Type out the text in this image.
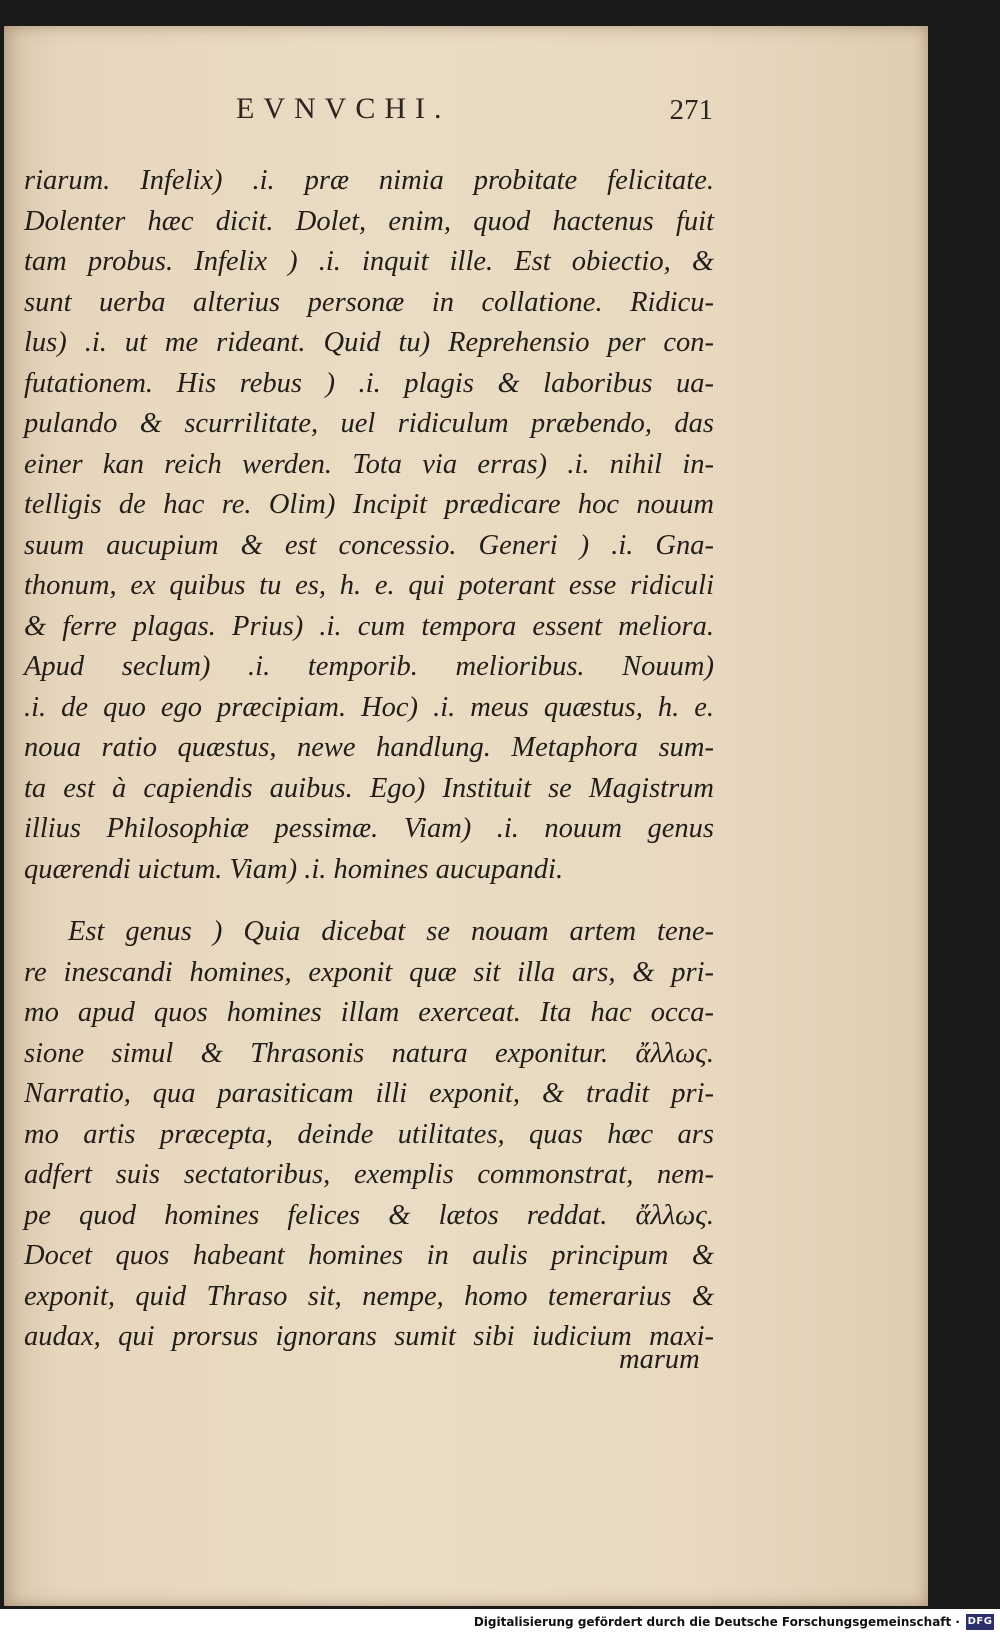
EVNVCHI.	271
riarum. Infelix) .i. præ nimia probitate felicitate.
Dolenter hæc dicit. Dolet, enim, quod hactenus fuit
tam probus. Infelix ) .i. inquit ille. Est obiectio, &
sunt uerba alterius personæ in collatione. Ridicu-
lus) .i. ut me rideant. Quid tu) Reprehensio per con-
futationem. His rebus ) .i. plagis & laboribus ua-
pulando & scurrilitate, uel ridiculum præbendo, das
einer kan reich werden. Tota via erras) .i. nihil in-
telligis de hac re. Olim) Incipit prædicare hoc nouum
suum aucupium & est concessio. Generi ) .i. Gna-
thonum, ex quibus tu es, h. e. qui poterant esse ridiculi
& ferre plagas. Prius) .i. cum tempora essent meliora.
Apud seclum) .i. temporib. melioribus. Nouum)
.i. de quo ego præcipiam. Hoc) .i. meus quæstus, h. e.
noua ratio quæstus, newe handlung. Metaphora sum-
ta est à capiendis auibus. Ego) Instituit se Magistrum
illius Philosophiæ pessimæ. Viam) .i. nouum genus
quærendi uictum. Viam) .i. homines aucupandi.
Est genus ) Quia dicebat se nouam artem tene-
re inescandi homines, exponit quæ sit illa ars, & pri-
mo apud quos homines illam exerceat. Ita hac occa-
sione simul & Thrasonis natura exponitur. ἄλλως.
Narratio, qua parasiticam illi exponit, & tradit pri-
mo artis præcepta, deinde utilitates, quas hæc ars
adfert suis sectatoribus, exemplis commonstrat, nem-
pe quod homines felices & lætos reddat. ἄλλως.
Docet quos habeant homines in aulis principum &
exponit, quid Thraso sit, nempe, homo temerarius &
audax, qui prorsus ignorans sumit sibi iudicium maxi-
marum
Digitalisierung gefördert durch die Deutsche Forschungsgemeinschaft · DFG
